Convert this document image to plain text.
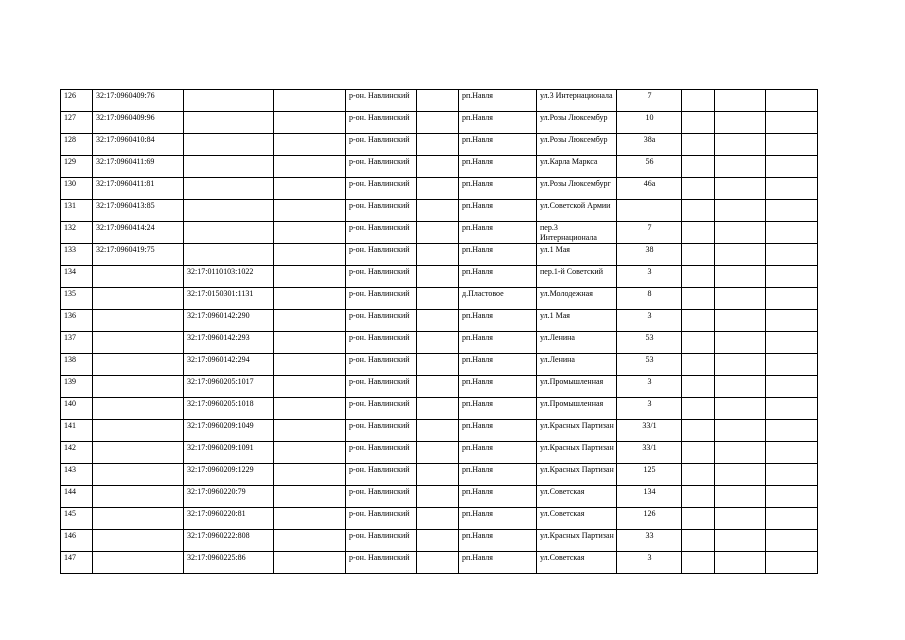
126	32:17:0960409:76			р-он. Навлинский		рп.Навля	ул.3 Интернационала	7			
127	32:17:0960409:96			р-он. Навлинский		рп.Навля	ул.Розы Люксембур	10			
128	32:17:0960410:84			р-он. Навлинский		рп.Навля	ул.Розы Люксембур	38а			
129	32:17:0960411:69			р-он. Навлинский		рп.Навля	ул.Карла Маркса	56			
130	32:17:0960411:81			р-он. Навлинский		рп.Навля	ул.Розы Люксембург	46а			
131	32:17:0960413:85			р-он. Навлинский		рп.Навля	ул.Советской Армии				
132	32:17:0960414:24			р-он. Навлинский		рп.Навля	пер.3 Интернационала	7			
133	32:17:0960419:75			р-он. Навлинский		рп.Навля	ул.1 Мая	38			
134		32:17:0110103:1022		р-он. Навлинский		рп.Навля	пер.1-й Советский	3			
135		32:17:0150301:1131		р-он. Навлинский		д.Пластовое	ул.Молодежная	8			
136		32:17:0960142:290		р-он. Навлинский		рп.Навля	ул.1 Мая	3			
137		32:17:0960142:293		р-он. Навлинский		рп.Навля	ул.Ленина	53			
138		32:17:0960142:294		р-он. Навлинский		рп.Навля	ул.Ленина	53			
139		32:17:0960205:1017		р-он. Навлинский		рп.Навля	ул.Промышленная	3			
140		32:17:0960205:1018		р-он. Навлинский		рп.Навля	ул.Промышленная	3			
141		32:17:0960209:1049		р-он. Навлинский		рп.Навля	ул.Красных Партизан	33/1			
142		32:17:0960209:1091		р-он. Навлинский		рп.Навля	ул.Красных Партизан	33/1			
143		32:17:0960209:1229		р-он. Навлинский		рп.Навля	ул.Красных Партизан	125			
144		32:17:0960220:79		р-он. Навлинский		рп.Навля	ул.Советская	134			
145		32:17:0960220:81		р-он. Навлинский		рп.Навля	ул.Советская	126			
146		32:17:0960222:808		р-он. Навлинский		рп.Навля	ул.Красных Партизан	33			
147		32:17:0960225:86		р-он. Навлинский		рп.Навля	ул.Советская	3			
